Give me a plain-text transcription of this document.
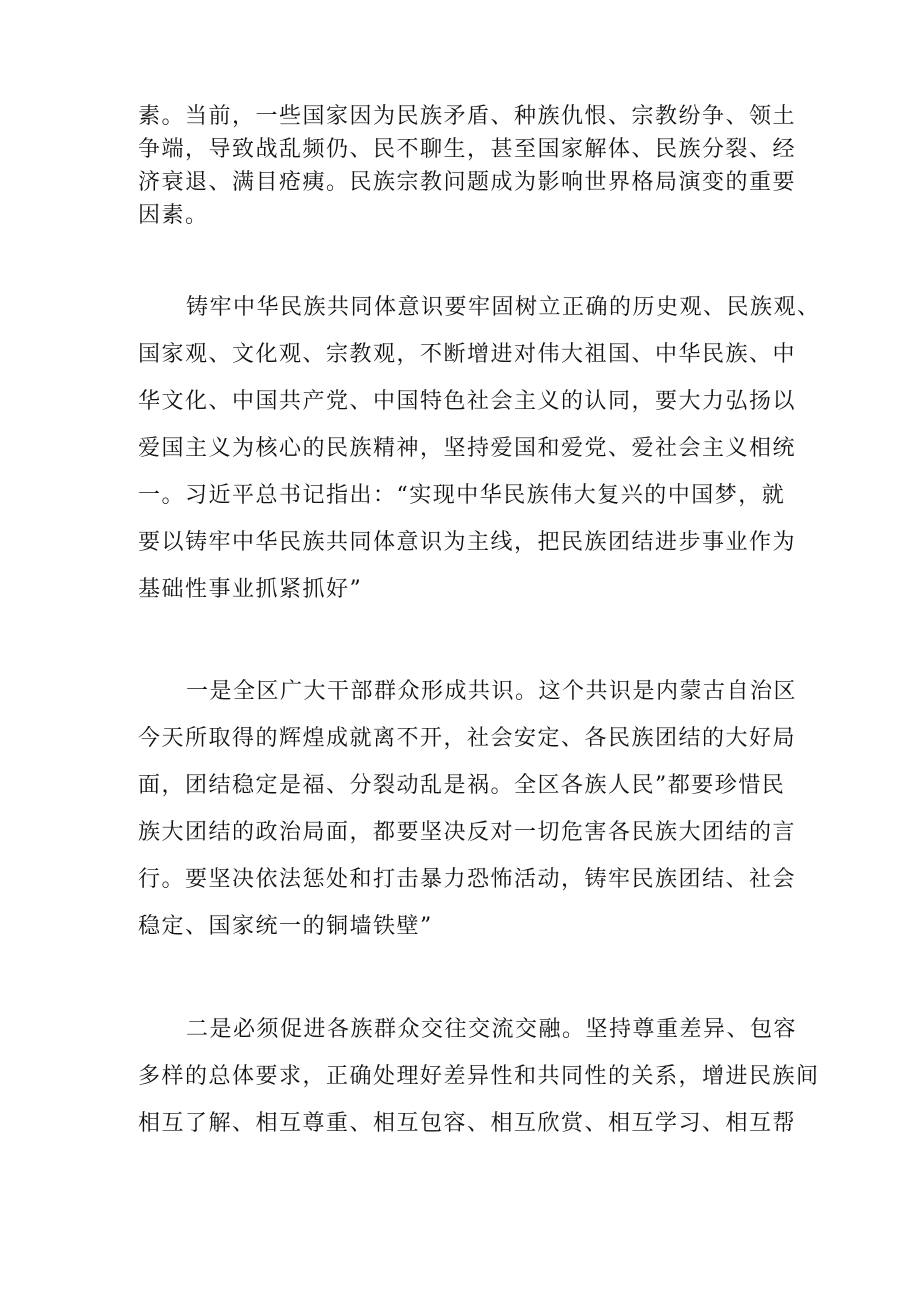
素。当前，一些国家因为民族矛盾、种族仇恨、宗教纷争、领土
争端，导致战乱频仍、民不聊生，甚至国家解体、民族分裂、经
济衰退、满目疮痍。民族宗教问题成为影响世界格局演变的重要
因素。

铸牢中华民族共同体意识要牢固树立正确的历史观、民族观、
国家观、文化观、宗教观，不断增进对伟大祖国、中华民族、中
华文化、中国共产党、中国特色社会主义的认同，要大力弘扬以
爱国主义为核心的民族精神，坚持爱国和爱党、爱社会主义相统
一。习近平总书记指出：“实现中华民族伟大复兴的中国梦，就
要以铸牢中华民族共同体意识为主线，把民族团结进步事业作为
基础性事业抓紧抓好”

一是全区广大干部群众形成共识。这个共识是内蒙古自治区
今天所取得的辉煌成就离不开，社会安定、各民族团结的大好局
面，团结稳定是福、分裂动乱是祸。全区各族人民”都要珍惜民
族大团结的政治局面，都要坚决反对一切危害各民族大团结的言
行。要坚决依法惩处和打击暴力恐怖活动，铸牢民族团结、社会
稳定、国家统一的铜墙铁壁”

二是必须促进各族群众交往交流交融。坚持尊重差异、包容
多样的总体要求，正确处理好差异性和共同性的关系，增进民族间
相互了解、相互尊重、相互包容、相互欣赏、相互学习、相互帮
